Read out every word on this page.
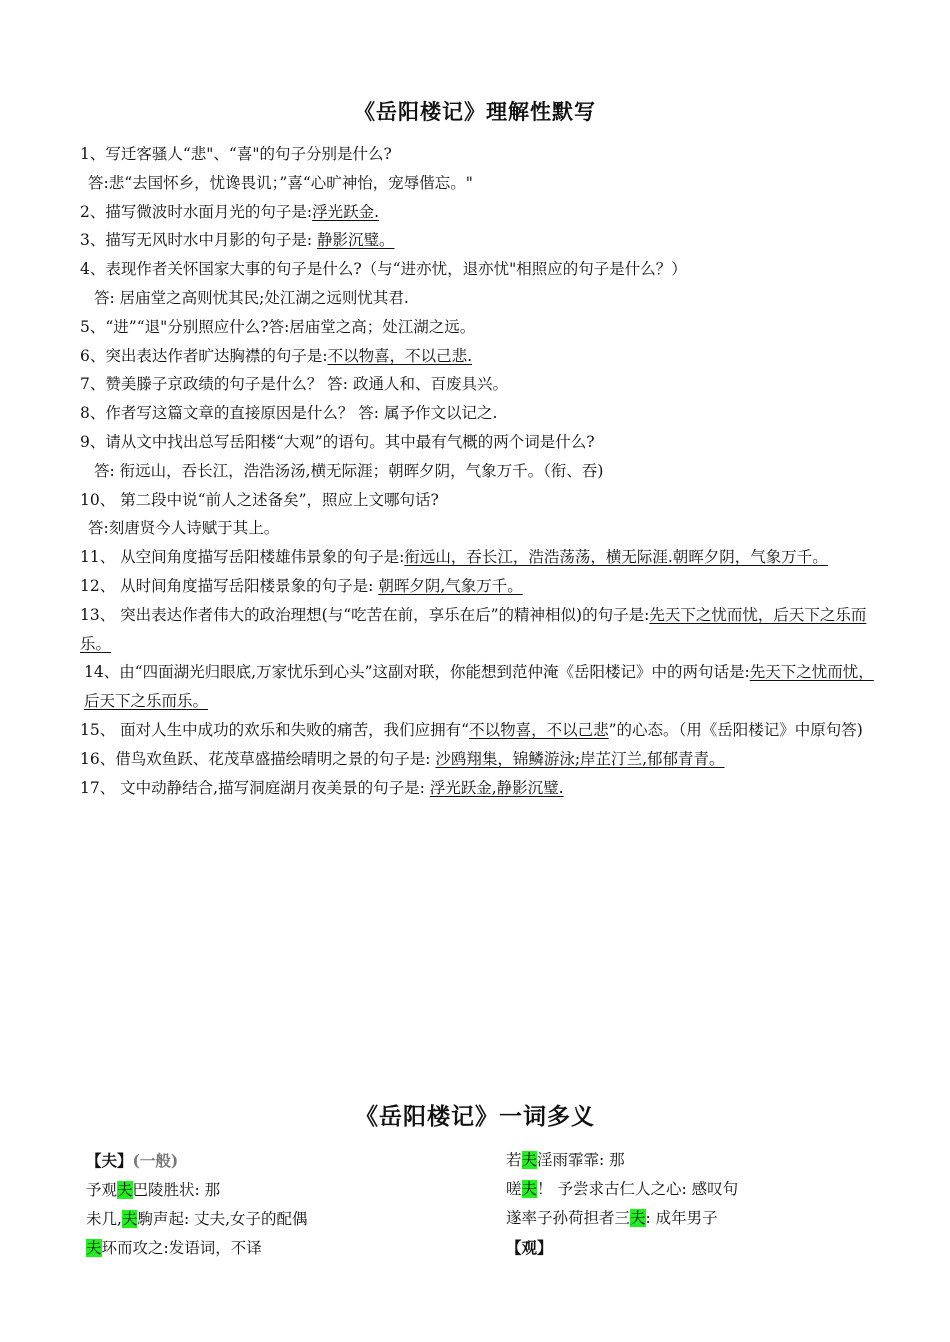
《岳阳楼记》理解性默写
1、写迁客骚人“悲"、“喜"的句子分别是什么?
答:悲“去国怀乡，忧谗畏讥；”喜“心旷神怡，宠辱偕忘。"
2、描写微波时水面月光的句子是:浮光跃金.
3、描写无风时水中月影的句子是: 静影沉璧。
4、表现作者关怀国家大事的句子是什么?（与“进亦忧，退亦忧"相照应的句子是什么？）
答: 居庙堂之高则忧其民;处江湖之远则忧其君.
5、“进”“退"分别照应什么?答:居庙堂之高；处江湖之远。
6、突出表达作者旷达胸襟的句子是:不以物喜，不以己悲.
7、赞美滕子京政绩的句子是什么？ 答: 政通人和、百废具兴。
8、作者写这篇文章的直接原因是什么？ 答: 属予作文以记之.
9、请从文中找出总写岳阳楼“大观”的语句。其中最有气概的两个词是什么?
答: 衔远山，吞长江，浩浩汤汤,横无际涯；朝晖夕阴，气象万千。（衔、吞)
10、 第二段中说“前人之述备矣”，照应上文哪句话?
答:刻唐贤今人诗赋于其上。
11、 从空间角度描写岳阳楼雄伟景象的句子是:衔远山，吞长江，浩浩荡荡，横无际涯.朝晖夕阴，气象万千。
12、 从时间角度描写岳阳楼景象的句子是: 朝晖夕阴,气象万千。
13、 突出表达作者伟大的政治理想(与“吃苦在前，享乐在后”的精神相似)的句子是:先天下之忧而忧，后天下之乐而乐。
14、由“四面湖光归眼底,万家忧乐到心头”这副对联，你能想到范仲淹《岳阳楼记》中的两句话是:先天下之忧而忧，后天下之乐而乐。
15、 面对人生中成功的欢乐和失败的痛苦，我们应拥有“不以物喜，不以己悲”的心态。（用《岳阳楼记》中原句答)
16、借鸟欢鱼跃、花茂草盛描绘晴明之景的句子是: 沙鸥翔集，锦鳞游泳;岸芷汀兰,郁郁青青。
17、 文中动静结合,描写洞庭湖月夜美景的句子是: 浮光跃金,静影沉璧.
《岳阳楼记》一词多义
【夫】(一般)
予观夫巴陵胜状: 那
未几,夫駒声起: 丈夫,女子的配偶
夫环而攻之:发语词，不译
若夫淫雨霏霏: 那
嗟夫！ 予尝求古仁人之心: 感叹句
遂率子孙荷担者三夫: 成年男子
【观】
